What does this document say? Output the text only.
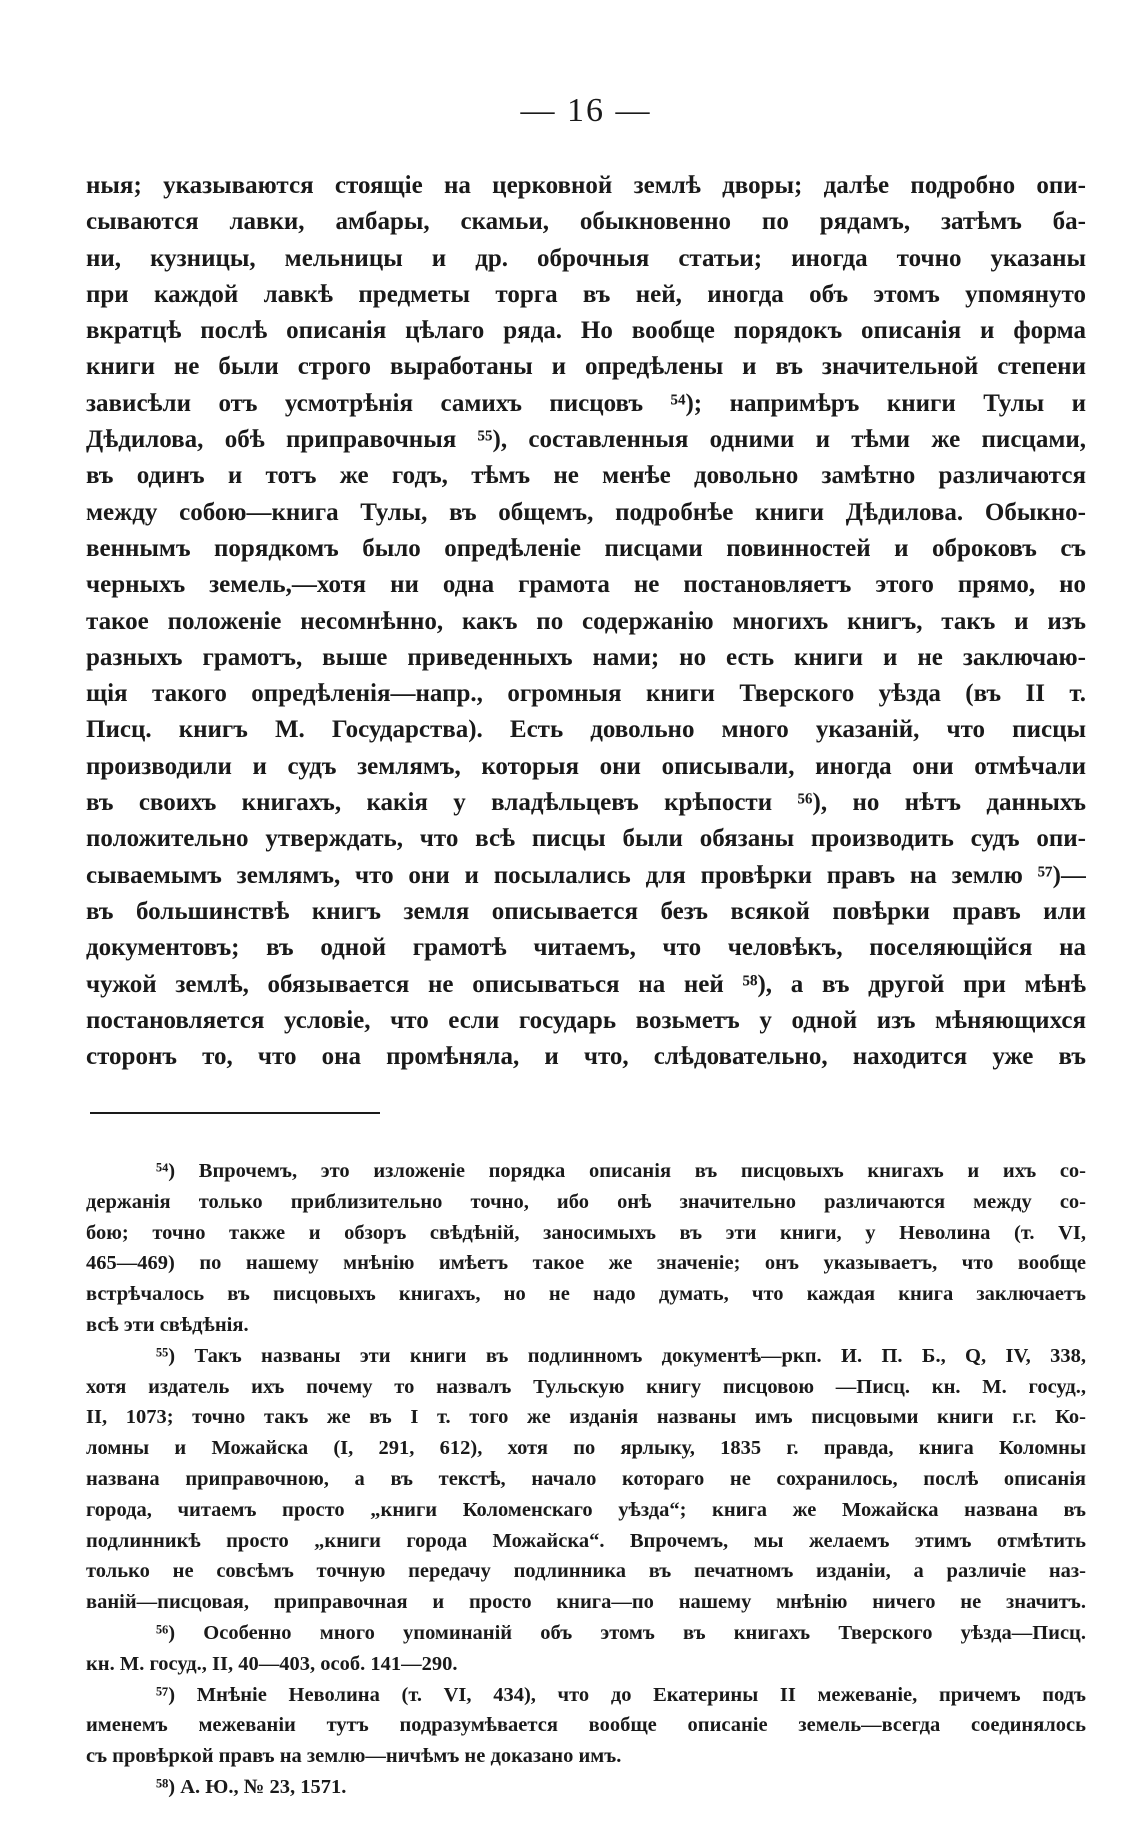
— 16 —
ныя; указываются стоящіе на церковной землѣ дворы; далѣе подробно опи-
сываются лавки, амбары, скамьи, обыкновенно по рядамъ, затѣмъ ба-
ни, кузницы, мельницы и др. оброчныя статьи; иногда точно указаны
при каждой лавкѣ предметы торга въ ней, иногда объ этомъ упомянуто
вкратцѣ послѣ описанія цѣлаго ряда. Но вообще порядокъ описанія и форма
книги не были строго выработаны и опредѣлены и въ значительной степени
зависѣли отъ усмотрѣнія самихъ писцовъ ⁵⁴); напримѣръ книги Тулы и
Дѣдилова, обѣ приправочныя ⁵⁵), составленныя одними и тѣми же писцами,
въ одинъ и тотъ же годъ, тѣмъ не менѣе довольно замѣтно различаются
между собою—книга Тулы, въ общемъ, подробнѣе книги Дѣдилова. Обыкно-
веннымъ порядкомъ было опредѣленіе писцами повинностей и оброковъ съ
черныхъ земель,—хотя ни одна грамота не постановляетъ этого прямо, но
такое положеніе несомнѣнно, какъ по содержанію многихъ книгъ, такъ и изъ
разныхъ грамотъ, выше приведенныхъ нами; но есть книги и не заключаю-
щія такого опредѣленія—напр., огромныя книги Тверского уѣзда (въ II т.
Писц. книгъ М. Государства). Есть довольно много указаній, что писцы
производили и судъ землямъ, которыя они описывали, иногда они отмѣчали
въ своихъ книгахъ, какія у владѣльцевъ крѣпости ⁵⁶), но нѣтъ данныхъ
положительно утверждать, что всѣ писцы были обязаны производить судъ опи-
сываемымъ землямъ, что они и посылались для провѣрки правъ на землю ⁵⁷)—
въ большинствѣ книгъ земля описывается безъ всякой повѣрки правъ или
документовъ; въ одной грамотѣ читаемъ, что человѣкъ, поселяющійся на
чужой землѣ, обязывается не описываться на ней ⁵⁸), а въ другой при мѣнѣ
постановляется условіе, что если государь возьметъ у одной изъ мѣняющихся
сторонъ то, что она промѣняла, и что, слѣдовательно, находится уже въ
⁵⁴) Впрочемъ, это изложеніе порядка описанія въ писцовыхъ книгахъ и ихъ со-
держанія только приблизительно точно, ибо онѣ значительно различаются между со-
бою; точно также и обзоръ свѣдѣній, заносимыхъ въ эти книги, у Неволина (т. VI,
465—469) по нашему мнѣнію имѣетъ такое же значеніе; онъ указываетъ, что вообще
встрѣчалось въ писцовыхъ книгахъ, но не надо думать, что каждая книга заключаетъ
всѣ эти свѣдѣнія.
⁵⁵) Такъ названы эти книги въ подлинномъ документѣ—ркп. И. П. Б., Q, IV, 338,
хотя издатель ихъ почему то назвалъ Тульскую книгу писцовою —Писц. кн. М. госуд.,
II, 1073; точно такъ же въ I т. того же изданія названы имъ писцовыми книги г.г. Ко-
ломны и Можайска (I, 291, 612), хотя по ярлыку, 1835 г. правда, книга Коломны
названа приправочною, а въ текстѣ, начало котораго не сохранилось, послѣ описанія
города, читаемъ просто „книги Коломенскаго уѣзда“; книга же Можайска названа въ
подлинникѣ просто „книги города Можайска“. Впрочемъ, мы желаемъ этимъ отмѣтить
только не совсѣмъ точную передачу подлинника въ печатномъ изданіи, а различіе наз-
ваній—писцовая, приправочная и просто книга—по нашему мнѣнію ничего не значитъ.
⁵⁶) Особенно много упоминаній объ этомъ въ книгахъ Тверского уѣзда—Писц.
кн. М. госуд., II, 40—403, особ. 141—290.
⁵⁷) Мнѣніе Неволина (т. VI, 434), что до Екатерины II межеваніе, причемъ подъ
именемъ межеваніи тутъ подразумѣвается вообще описаніе земель—всегда соединялось
съ провѣркой правъ на землю—ничѣмъ не доказано имъ.
⁵⁸) А. Ю., № 23, 1571.
